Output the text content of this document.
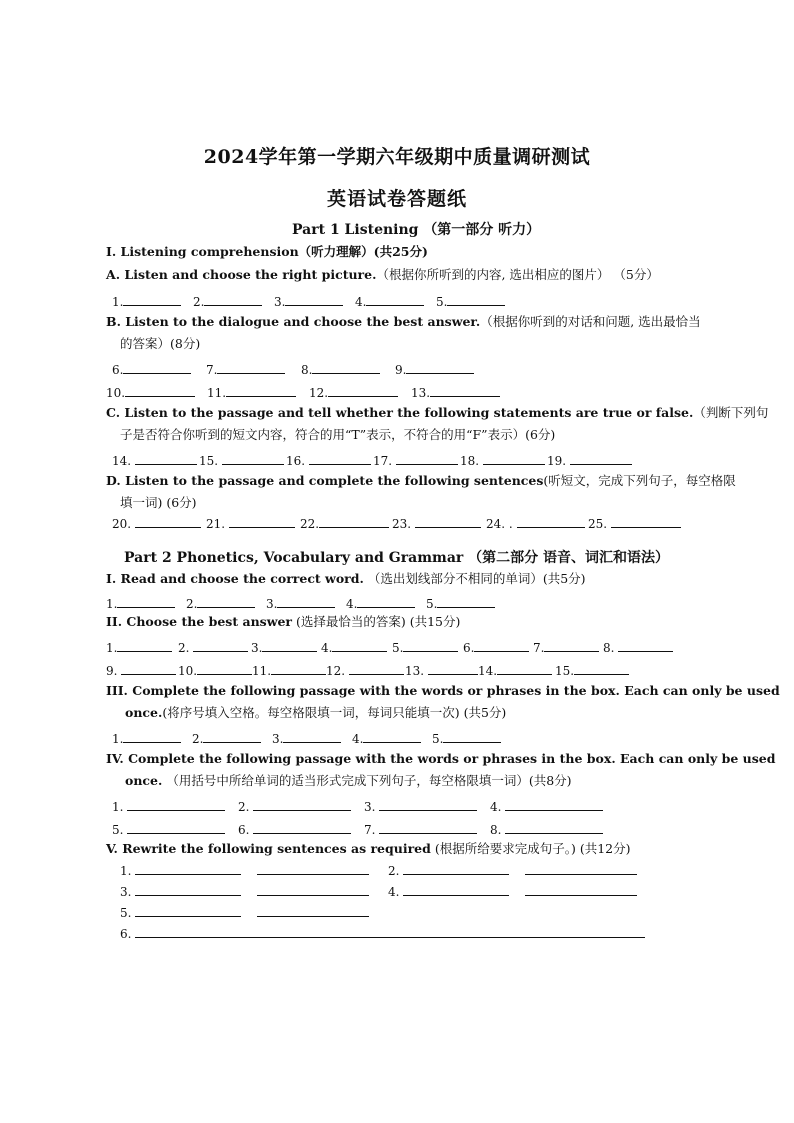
2024学年第一学期六年级期中质量调研测试
英语试卷答题纸
Part 1 Listening （第一部分 听力）
I. Listening comprehension（听力理解）(共25分)
A. Listen and choose the right picture.（根据你所听到的内容, 选出相应的图片） （5分）
1.	2.	3.	4.	5.
B. Listen to the dialogue and choose the best answer.（根据你听到的对话和问题, 选出最恰当
的答案）(8分)
6.	7.	8.	9.
10.	11.	12.	13.
C. Listen to the passage and tell whether the following statements are true or false.（判断下列句
子是否符合你听到的短文内容，符合的用“T”表示，不符合的用“F”表示）(6分)
14.	15.	16.	17.	18.	19.
D. Listen to the passage and complete the following sentences(听短文，完成下列句子，每空格限
填一词) (6分)
20.	21.	22.	23.	24. .	25.
Part 2 Phonetics, Vocabulary and Grammar （第二部分 语音、词汇和语法）
I. Read and choose the correct word. （选出划线部分不相同的单词）(共5分)
1.	2.	3.	4.	5.
II. Choose the best answer (选择最恰当的答案) (共15分)
1.	2.	3.	4.	5.	6.	7.	8.
9.	10.	11.	12.	13.	14.	15.
III. Complete the following passage with the words or phrases in the box. Each can only be used
once.(将序号填入空格。每空格限填一词，每词只能填一次) (共5分)
1.	2.	3.	4.	5.
IV. Complete the following passage with the words or phrases in the box. Each can only be used
once. （用括号中所给单词的适当形式完成下列句子，每空格限填一词）(共8分)
1.	2.	3.	4.
5.	6.	7.	8.
V. Rewrite the following sentences as required (根据所给要求完成句子。) (共12分)
1.	2.
3.	4.
5.
6.
